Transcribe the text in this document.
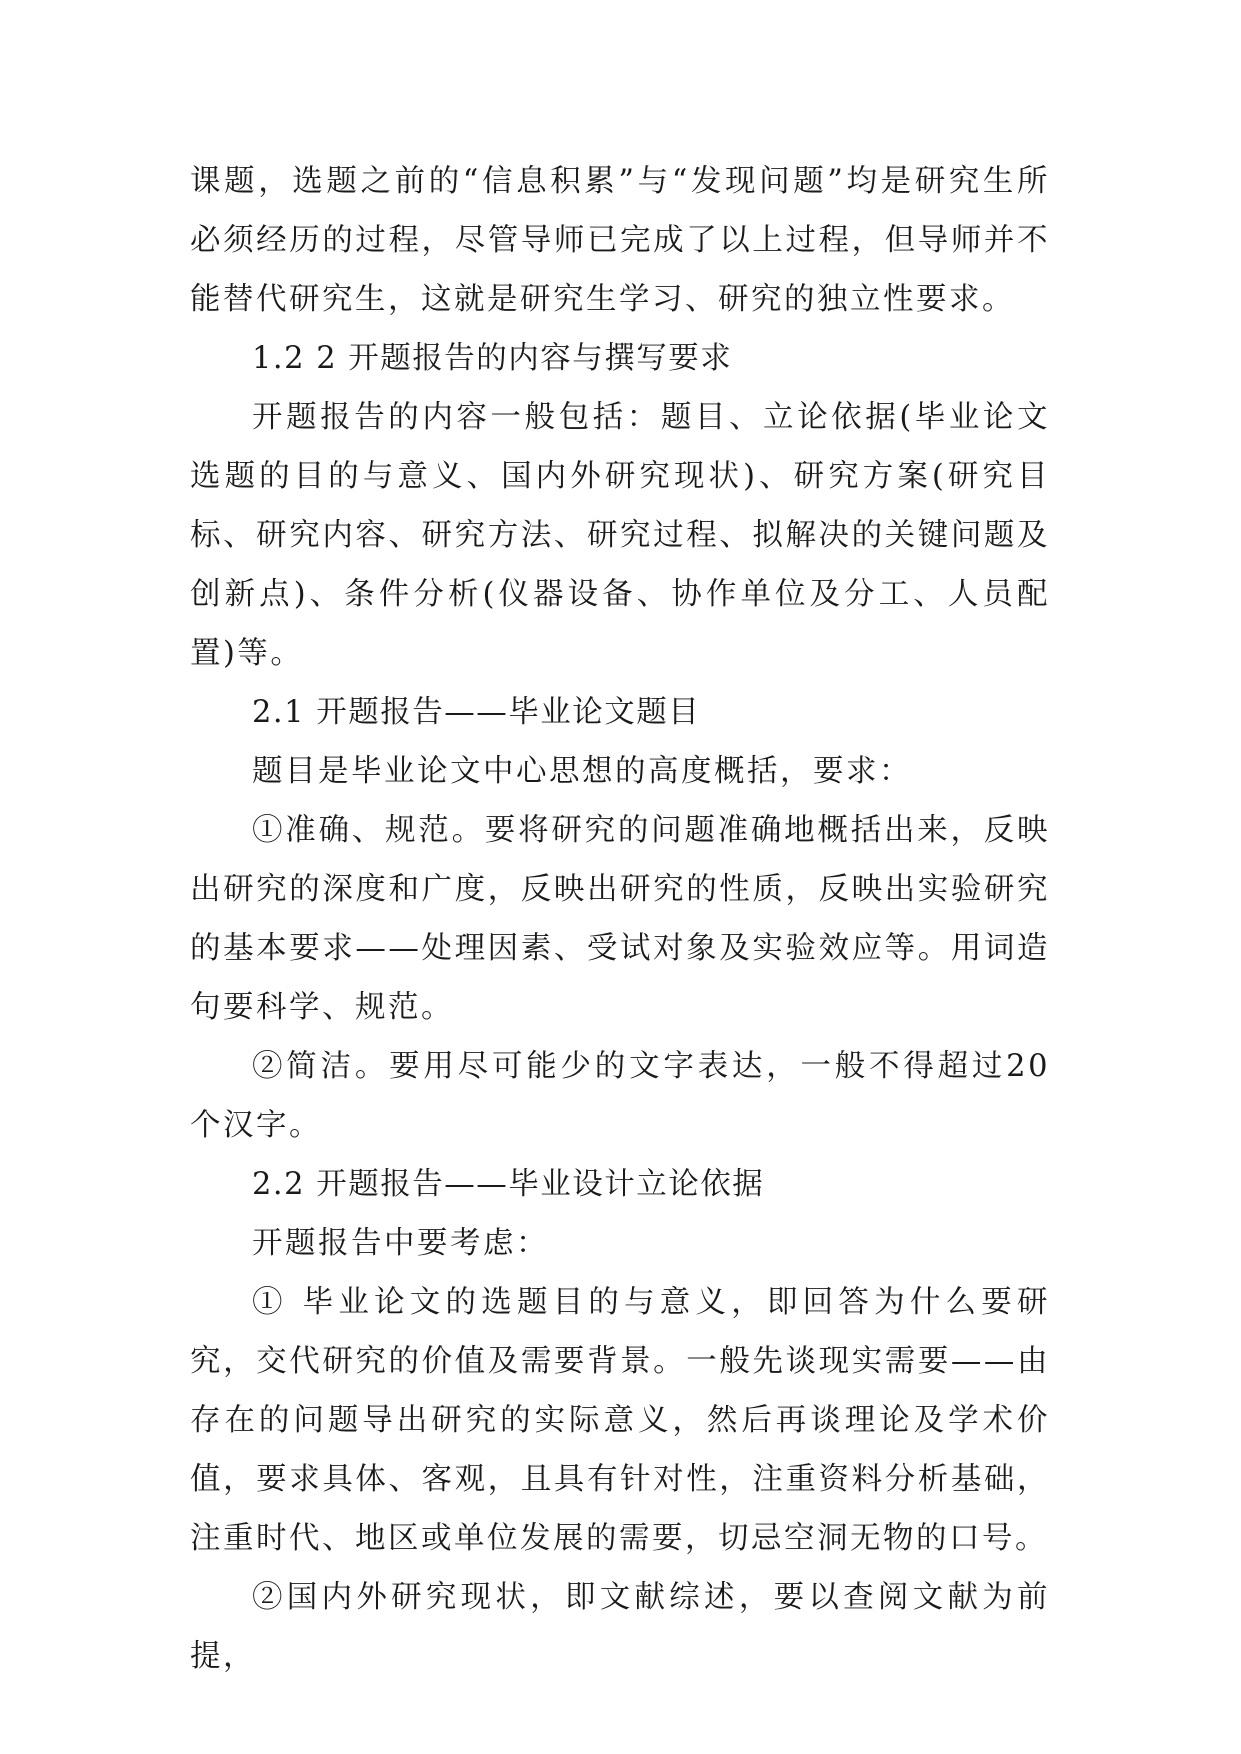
课题，选题之前的“信息积累”与“发现问题”均是研究生所必须经历的过程，尽管导师已完成了以上过程，但导师并不能替代研究生，这就是研究生学习、研究的独立性要求。

1.2 2 开题报告的内容与撰写要求

开题报告的内容一般包括：题目、立论依据(毕业论文选题的目的与意义、国内外研究现状)、研究方案(研究目标、研究内容、研究方法、研究过程、拟解决的关键问题及创新点)、条件分析(仪器设备、协作单位及分工、人员配置)等。

2.1 开题报告——毕业论文题目

题目是毕业论文中心思想的高度概括，要求：

①准确、规范。要将研究的问题准确地概括出来，反映出研究的深度和广度，反映出研究的性质，反映出实验研究的基本要求——处理因素、受试对象及实验效应等。用词造句要科学、规范。

②简洁。要用尽可能少的文字表达，一般不得超过20个汉字。

2.2 开题报告——毕业设计立论依据

开题报告中要考虑：

① 毕业论文的选题目的与意义，即回答为什么要研究，交代研究的价值及需要背景。一般先谈现实需要——由存在的问题导出研究的实际意义，然后再谈理论及学术价值，要求具体、客观，且具有针对性，注重资料分析基础，注重时代、地区或单位发展的需要，切忌空洞无物的口号。

②国内外研究现状，即文献综述，要以查阅文献为前提，
